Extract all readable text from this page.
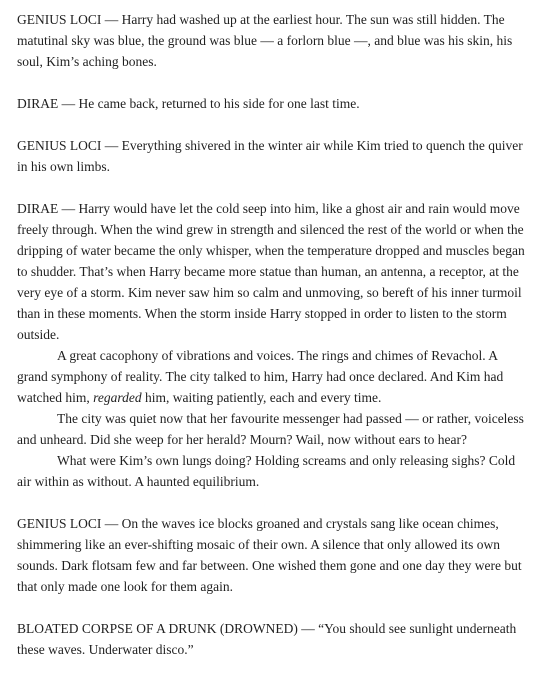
GENIUS LOCI — Harry had washed up at the earliest hour. The sun was still hidden. The matutinal sky was blue, the ground was blue — a forlorn blue —, and blue was his skin, his soul, Kim’s aching bones.

DIRAE — He came back, returned to his side for one last time.

GENIUS LOCI — Everything shivered in the winter air while Kim tried to quench the quiver in his own limbs.

DIRAE — Harry would have let the cold seep into him, like a ghost air and rain would move freely through. When the wind grew in strength and silenced the rest of the world or when the dripping of water became the only whisper, when the temperature dropped and muscles began to shudder. That’s when Harry became more statue than human, an antenna, a receptor, at the very eye of a storm. Kim never saw him so calm and unmoving, so bereft of his inner turmoil than in these moments. When the storm inside Harry stopped in order to listen to the storm outside.

A great cacophony of vibrations and voices. The rings and chimes of Revachol. A grand symphony of reality. The city talked to him, Harry had once declared. And Kim had watched him, regarded him, waiting patiently, each and every time.

The city was quiet now that her favourite messenger had passed — or rather, voiceless and unheard. Did she weep for her herald? Mourn? Wail, now without ears to hear?

What were Kim’s own lungs doing? Holding screams and only releasing sighs? Cold air within as without. A haunted equilibrium.

GENIUS LOCI — On the waves ice blocks groaned and crystals sang like ocean chimes, shimmering like an ever-shifting mosaic of their own. A silence that only allowed its own sounds. Dark flotsam few and far between. One wished them gone and one day they were but that only made one look for them again.

BLOATED CORPSE OF A DRUNK (DROWNED) — “You should see sunlight underneath these waves. Underwater disco.”
